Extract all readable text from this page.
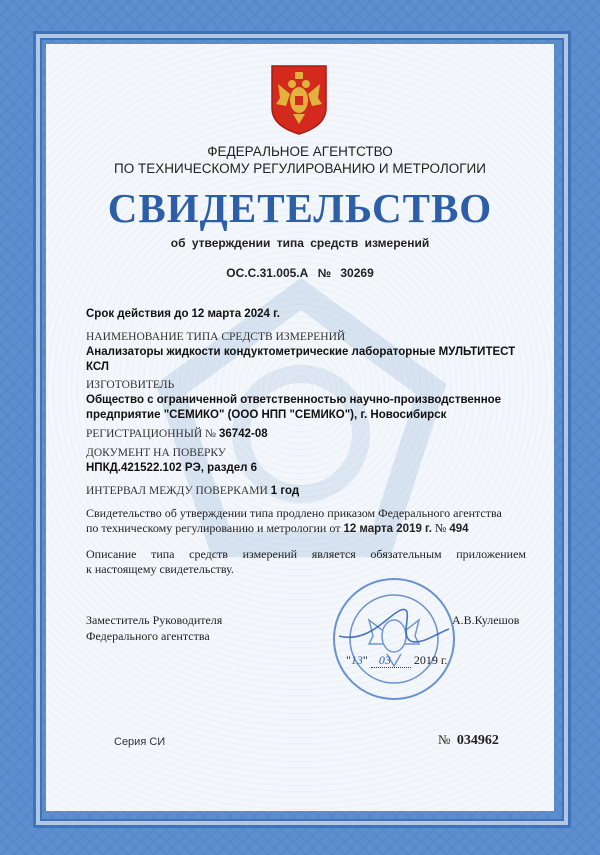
ФЕДЕРАЛЬНОЕ АГЕНТСТВО
ПО ТЕХНИЧЕСКОМУ РЕГУЛИРОВАНИЮ И МЕТРОЛОГИИ
СВИДЕТЕЛЬСТВО
об утверждении типа средств измерений
ОС.С.31.005.А № 30269
Срок действия до 12 марта 2024 г.
НАИМЕНОВАНИЕ ТИПА СРЕДСТВ ИЗМЕРЕНИЙ
Анализаторы жидкости кондуктометрические лабораторные МУЛЬТИТЕСТ
КСЛ
ИЗГОТОВИТЕЛЬ
Общество с ограниченной ответственностью научно-производственное
предприятие "СЕМИКО" (ООО НПП "СЕМИКО"), г. Новосибирск
РЕГИСТРАЦИОННЫЙ № 36742-08
ДОКУМЕНТ НА ПОВЕРКУ
НПКД.421522.102 РЭ, раздел 6
ИНТЕРВАЛ МЕЖДУ ПОВЕРКАМИ 1 год
Свидетельство об утверждении типа продлено приказом Федерального агентства
по техническому регулированию и метрологии от 12 марта 2019 г. № 494
Описание типа средств измерений является обязательным приложением
к настоящему свидетельству.
Заместитель Руководителя
Федерального агентства
А.В.Кулешов
"13" 03 2019 г.
Серия СИ	№ 034962
